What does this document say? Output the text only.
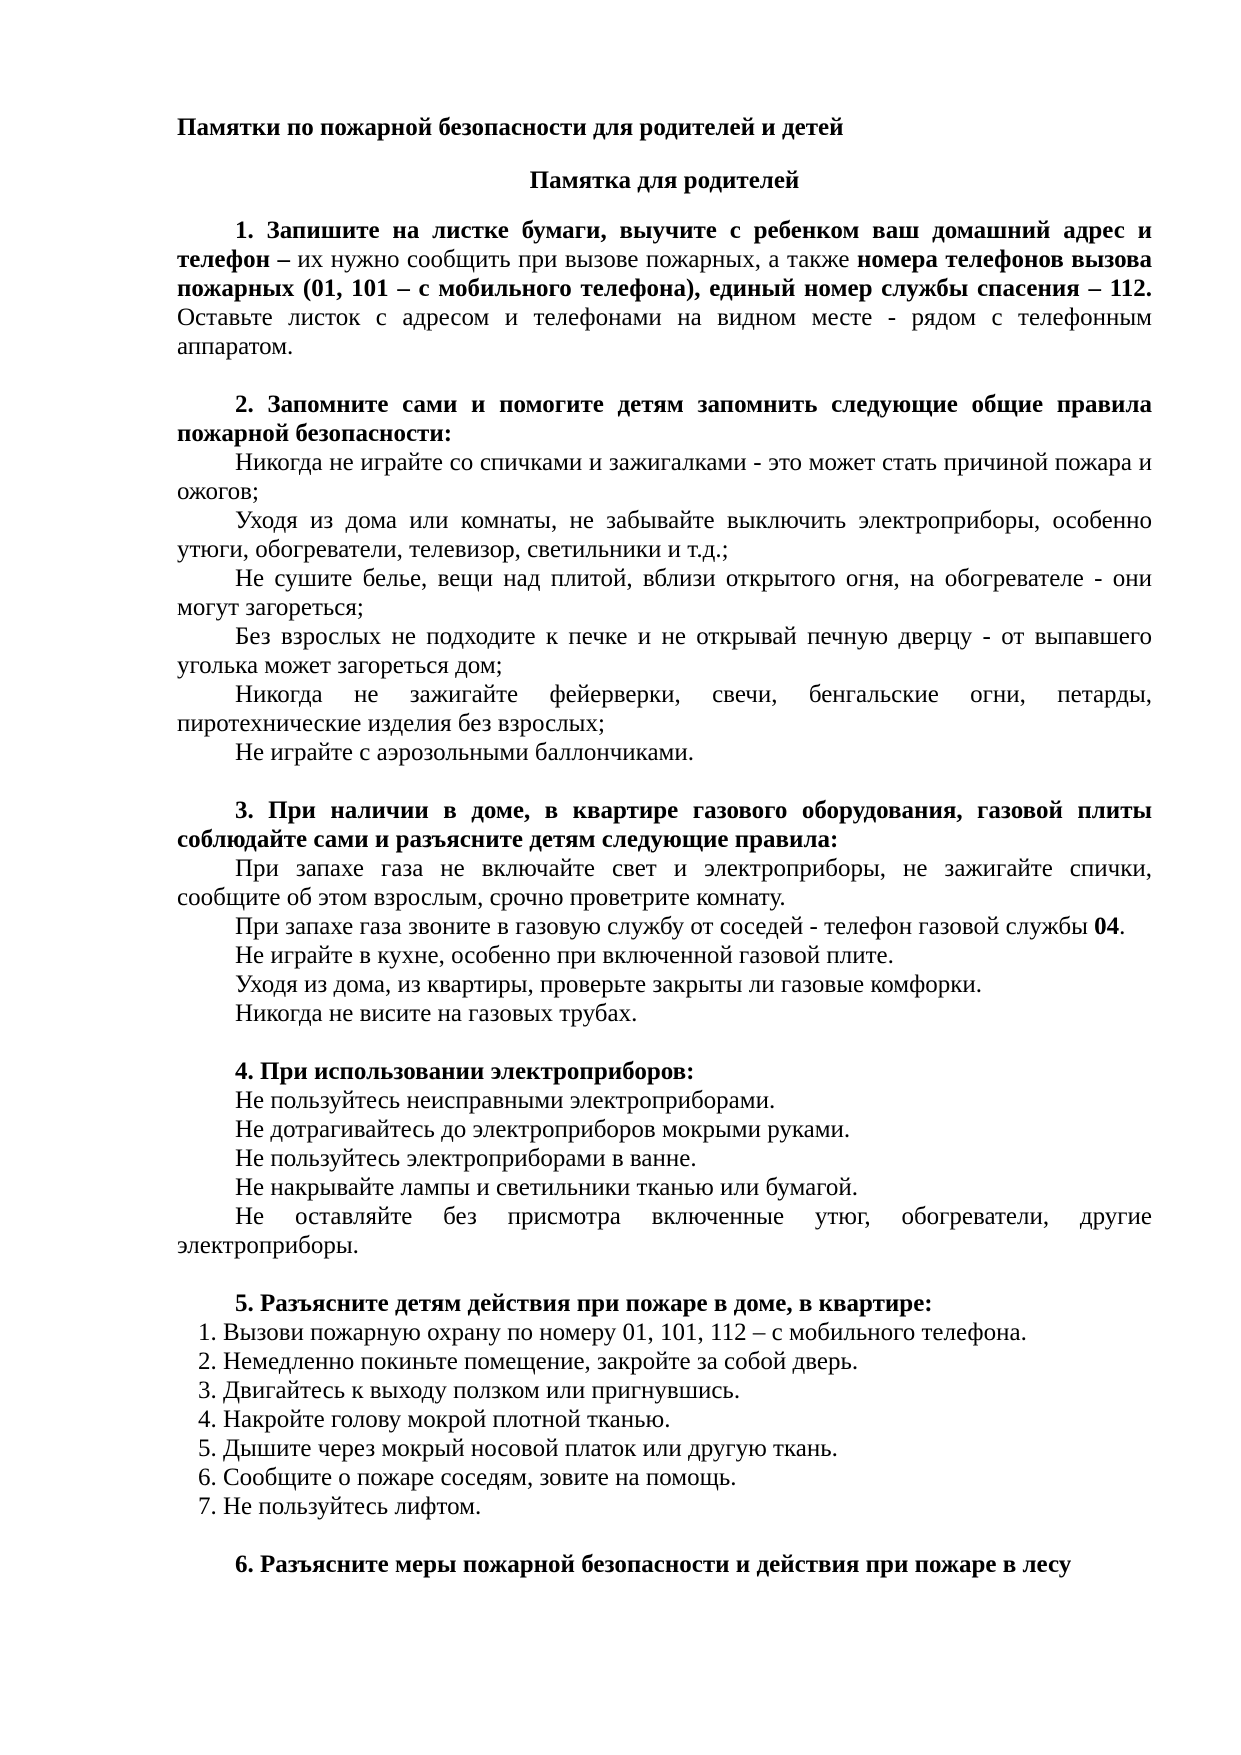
Памятки по пожарной безопасности для родителей и детей

Памятка для родителей

1. Запишите на листке бумаги, выучите с ребенком ваш домашний адрес и телефон – их нужно сообщить при вызове пожарных, а также номера телефонов вызова пожарных (01, 101 – с мобильного телефона), единый номер службы спасения – 112. Оставьте листок с адресом и телефонами на видном месте - рядом с телефонным аппаратом.

2. Запомните сами и помогите детям запомнить следующие общие правила пожарной безопасности:

Никогда не играйте со спичками и зажигалками - это может стать причиной пожара и ожогов;

Уходя из дома или комнаты, не забывайте выключить электроприборы, особенно утюги, обогреватели, телевизор, светильники и т.д.;

Не сушите белье, вещи над плитой, вблизи открытого огня, на обогревателе - они могут загореться;

Без взрослых не подходите к печке и не открывай печную дверцу - от выпавшего уголька может загореться дом;

Никогда не зажигайте фейерверки, свечи, бенгальские огни, петарды, пиротехнические изделия без взрослых;

Не играйте с аэрозольными баллончиками.

3. При наличии в доме, в квартире газового оборудования, газовой плиты соблюдайте сами и разъясните детям следующие правила:

При запахе газа не включайте свет и электроприборы, не зажигайте спички, сообщите об этом взрослым, срочно проветрите комнату.

При запахе газа звоните в газовую службу от соседей - телефон газовой службы 04.

Не играйте в кухне, особенно при включенной газовой плите.

Уходя из дома, из квартиры, проверьте закрыты ли газовые комфорки.

Никогда не висите на газовых трубах.

4. При использовании электроприборов:

Не пользуйтесь неисправными электроприборами.

Не дотрагивайтесь до электроприборов мокрыми руками.

Не пользуйтесь электроприборами в ванне.

Не накрывайте лампы и светильники тканью или бумагой.

Не оставляйте без присмотра включенные утюг, обогреватели, другие электроприборы.

5. Разъясните детям действия при пожаре в доме, в квартире:

1. Вызови пожарную охрану по номеру 01, 101, 112 – с мобильного телефона.

2. Немедленно покиньте помещение, закройте за собой дверь.

3. Двигайтесь к выходу ползком или пригнувшись.

4. Накройте голову мокрой плотной тканью.

5. Дышите через мокрый носовой платок или другую ткань.

6. Сообщите о пожаре соседям, зовите на помощь.

7. Не пользуйтесь лифтом.

6. Разъясните меры пожарной безопасности и действия при пожаре в лесу
